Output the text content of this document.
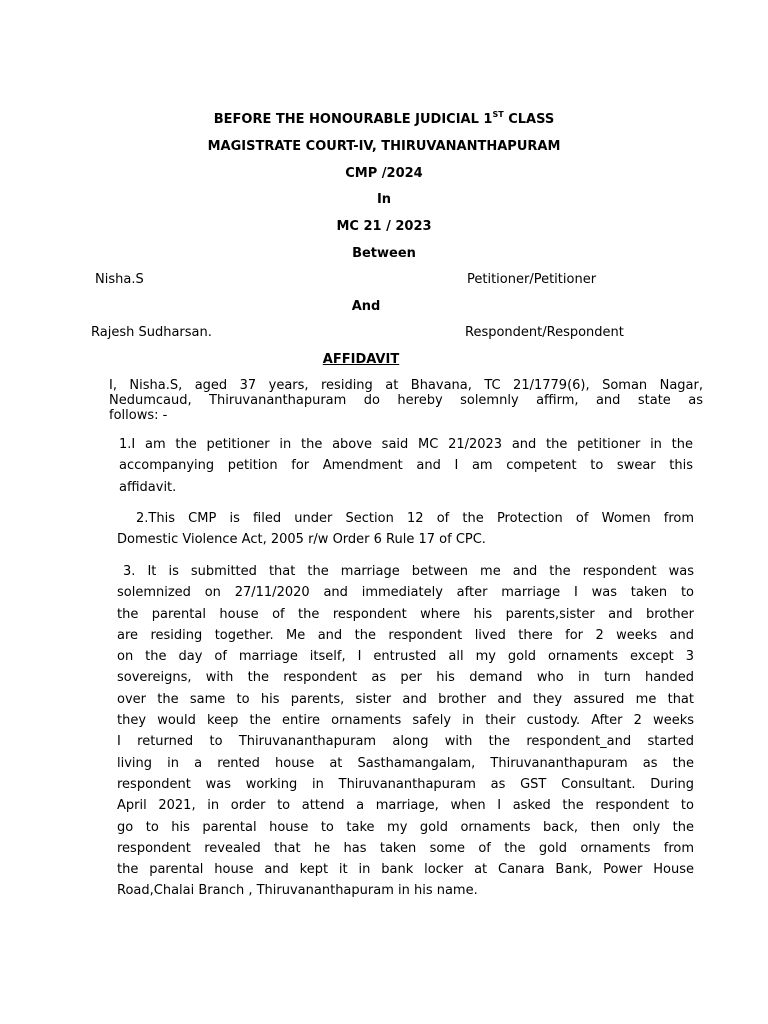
BEFORE THE HONOURABLE JUDICIAL 1ST CLASS
MAGISTRATE COURT-IV, THIRUVANANTHAPURAM
CMP /2024
In
MC 21 / 2023
Between
Nisha.S	Petitioner/Petitioner
And
Rajesh Sudharsan.	Respondent/Respondent
AFFIDAVIT
I, Nisha.S, aged 37 years, residing at Bhavana, TC 21/1779(6), Soman Nagar,
Nedumcaud, Thiruvananthapuram do hereby solemnly affirm, and state as
follows: -
1.I am the petitioner in the above said MC 21/2023 and the petitioner in the
accompanying petition for Amendment and I am competent to swear this
affidavit.
2.This CMP is filed under Section 12 of the Protection of Women from
Domestic Violence Act, 2005 r/w Order 6 Rule 17 of CPC.
3. It is submitted that the marriage between me and the respondent was
solemnized on 27/11/2020 and immediately after marriage I was taken to
the parental house of the respondent where his parents,sister and brother
are residing together. Me and the respondent lived there for 2 weeks and
on the day of marriage itself, I entrusted all my gold ornaments except 3
sovereigns, with the respondent as per his demand who in turn handed
over the same to his parents, sister and brother and they assured me that
they would keep the entire ornaments safely in their custody. After 2 weeks
I returned to Thiruvananthapuram along with the respondent_and started
living in a rented house at Sasthamangalam, Thiruvananthapuram as the
respondent was working in Thiruvananthapuram as GST Consultant. During
April 2021, in order to attend a marriage, when I asked the respondent to
go to his parental house to take my gold ornaments back, then only the
respondent revealed that he has taken some of the gold ornaments from
the parental house and kept it in bank locker at Canara Bank, Power House
Road,Chalai Branch , Thiruvananthapuram in his name.
